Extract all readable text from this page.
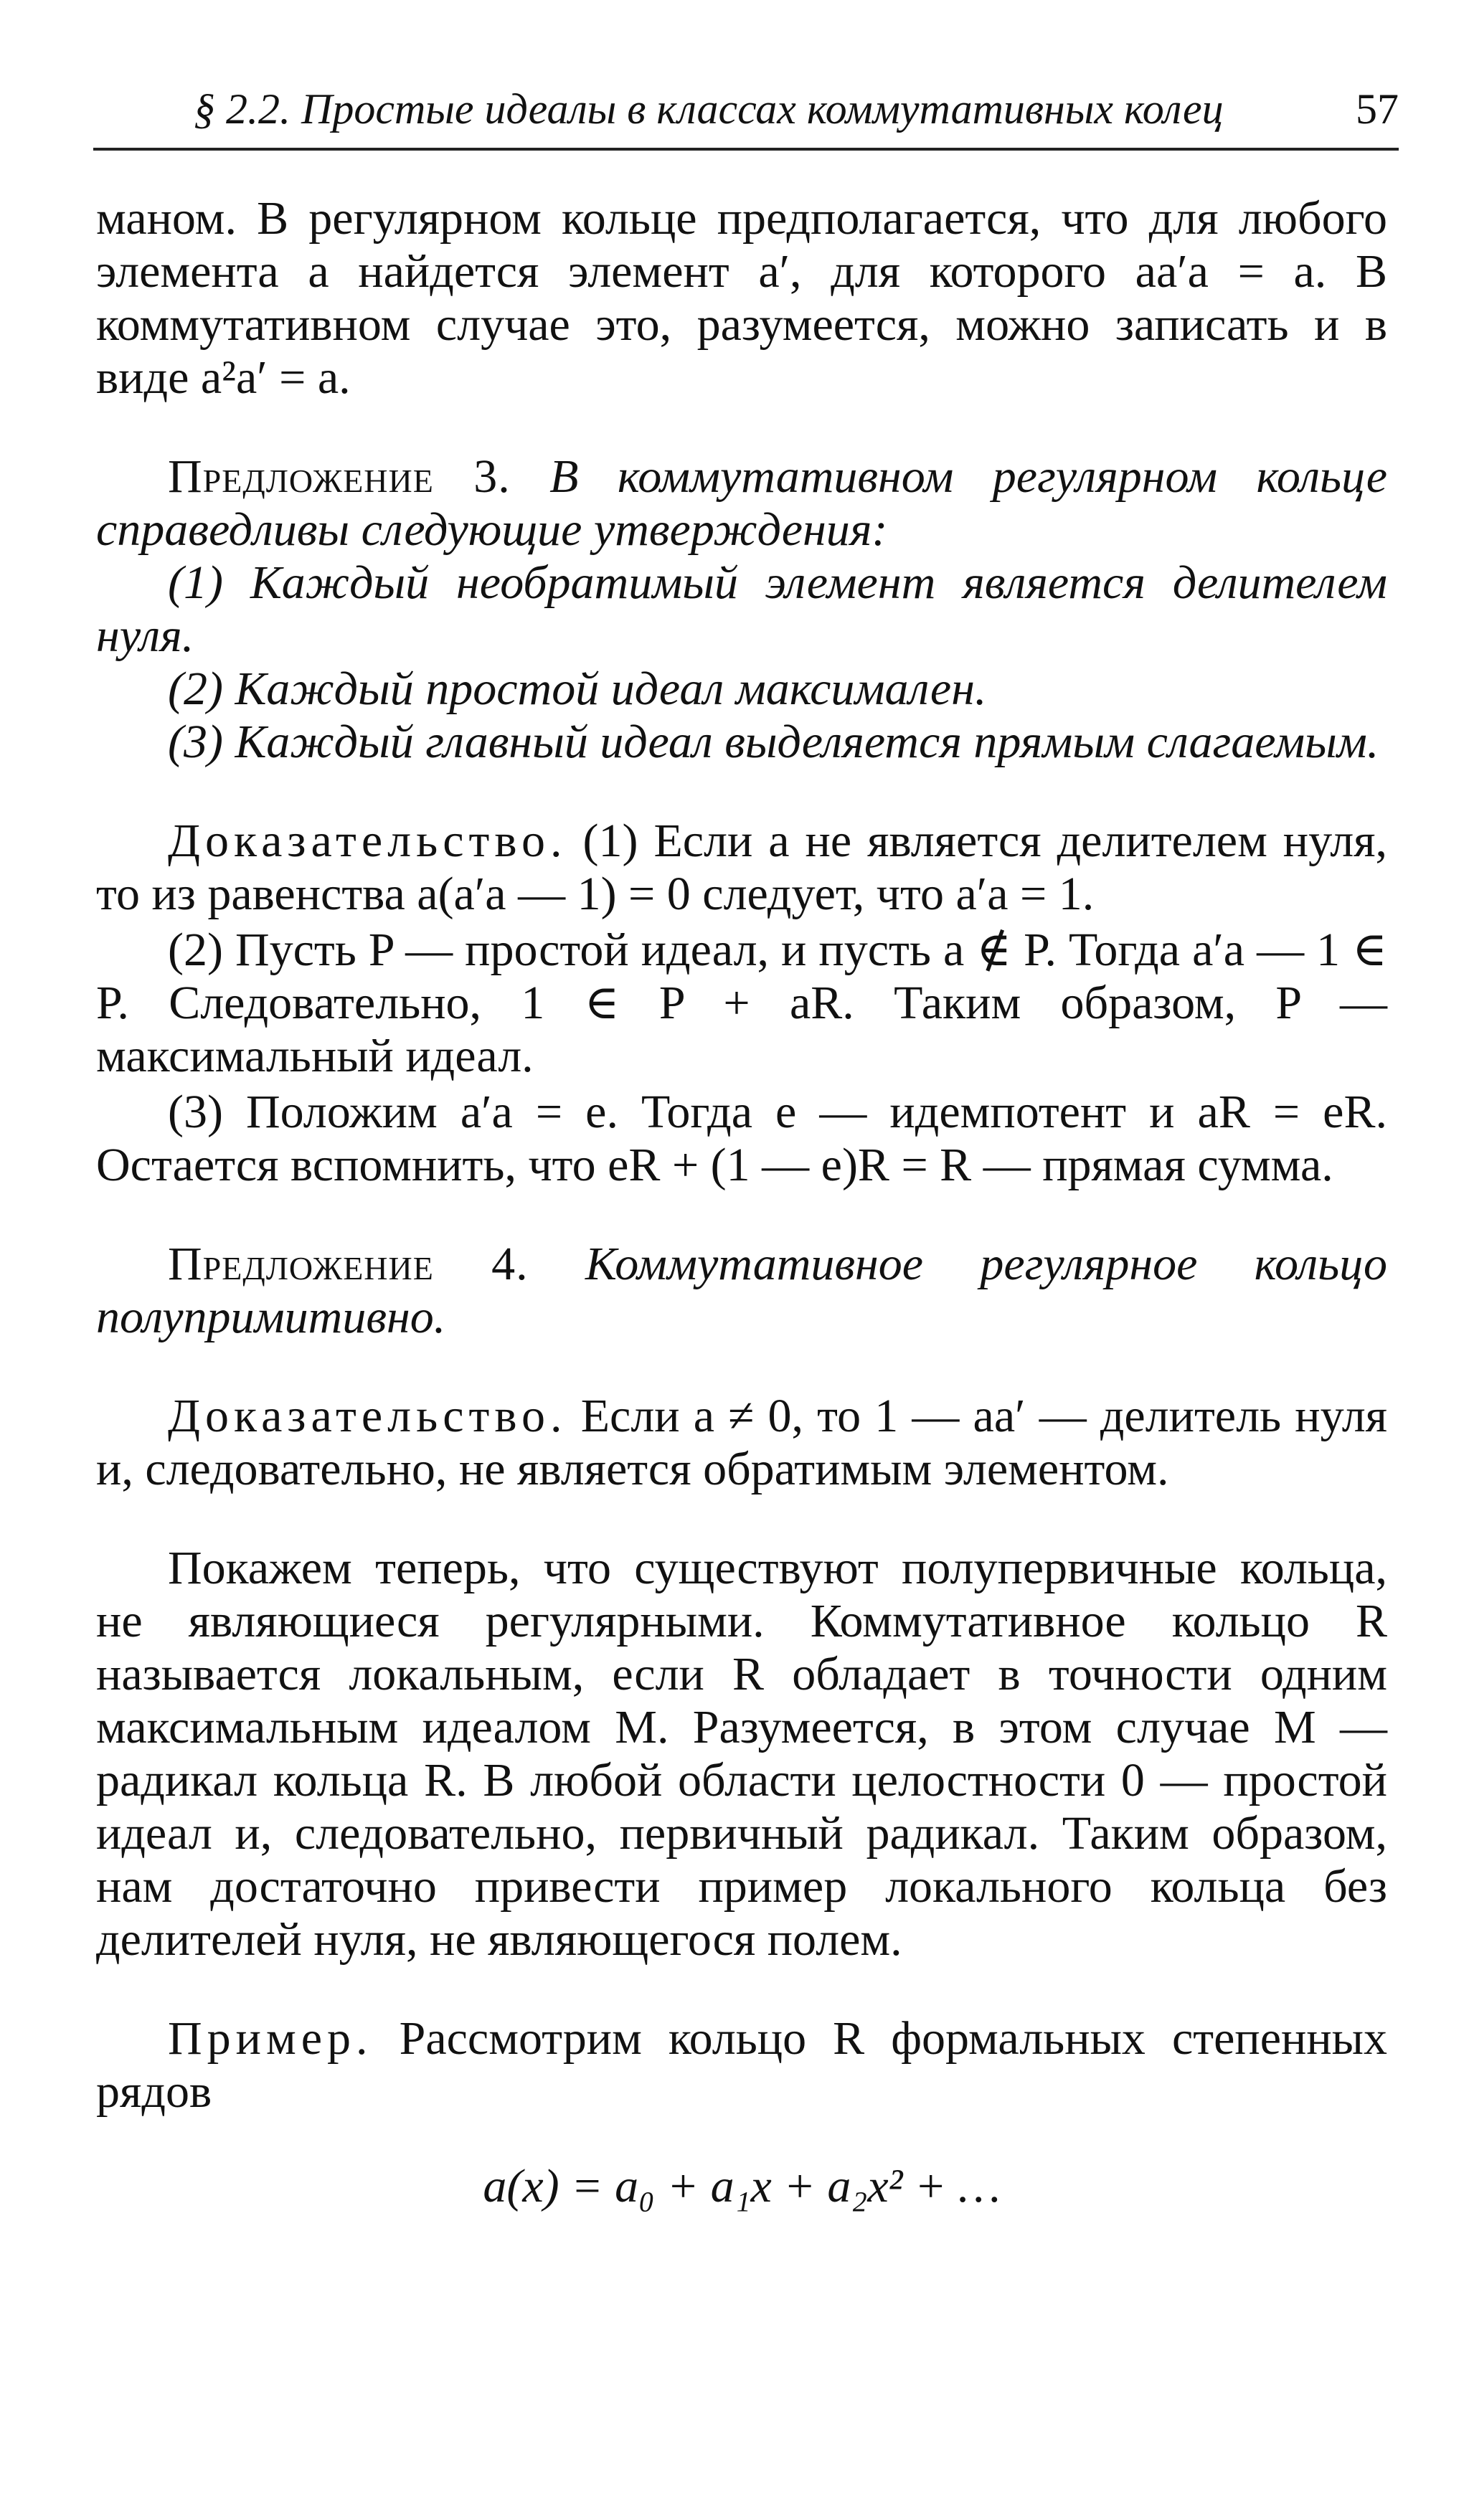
§ 2.2. Простые идеалы в классах коммутативных колец	57

маном. В регулярном кольце предполагается, что для любого элемента a найдется элемент a′, для которого aa′a = a. В коммутативном случае это, разумеется, можно записать и в виде a²a′ = a.

Предложение 3. В коммутативном регулярном кольце справедливы следующие утверждения:

(1) Каждый необратимый элемент является делителем нуля.

(2) Каждый простой идеал максимален.

(3) Каждый главный идеал выделяется прямым слагаемым.

Доказательство. (1) Если a не является делителем нуля, то из равенства a(a′a — 1) = 0 следует, что a′a = 1.

(2) Пусть P — простой идеал, и пусть a ∉ P. Тогда a′a — 1 ∈ P. Следовательно, 1 ∈ P + aR. Таким образом, P — максимальный идеал.

(3) Положим a′a = e. Тогда e — идемпотент и aR = eR. Остается вспомнить, что eR + (1 — e)R = R — прямая сумма.

Предложение 4. Коммутативное регулярное кольцо полупримитивно.

Доказательство. Если a ≠ 0, то 1 — aa′ — делитель нуля и, следовательно, не является обратимым элементом.

Покажем теперь, что существуют полупервичные кольца, не являющиеся регулярными. Коммутативное кольцо R называется локальным, если R обладает в точности одним максимальным идеалом M. Разумеется, в этом случае M — радикал кольца R. В любой области целостности 0 — простой идеал и, следовательно, первичный радикал. Таким образом, нам достаточно привести пример локального кольца без делителей нуля, не являющегося полем.

Пример. Рассмотрим кольцо R формальных степенных рядов

a(x) = a₀ + a₁x + a₂x² + …
